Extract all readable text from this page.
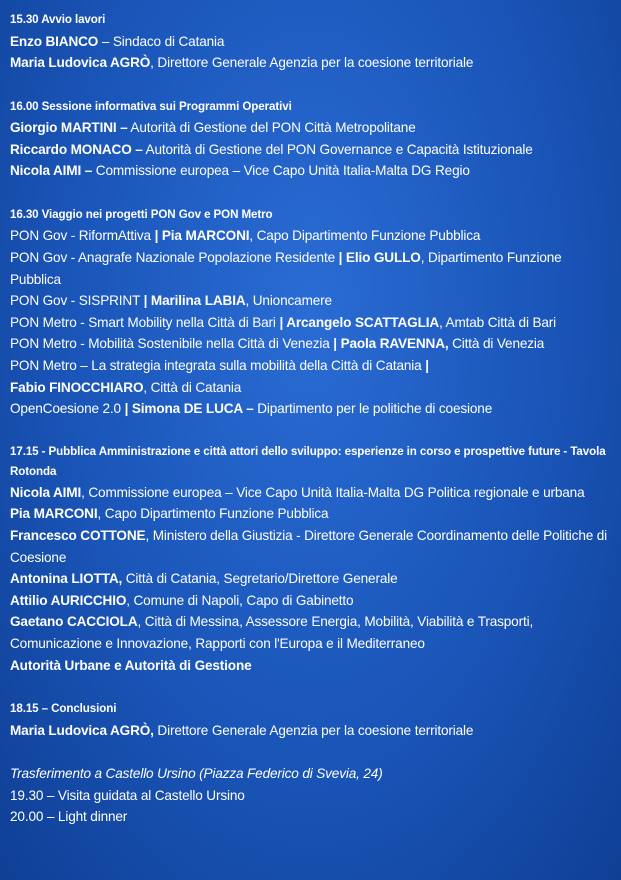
15.30 Avvio lavori
Enzo BIANCO – Sindaco di Catania
Maria Ludovica AGRÒ, Direttore Generale Agenzia per la coesione territoriale
16.00 Sessione informativa sui Programmi Operativi
Giorgio MARTINI – Autorità di Gestione del PON Città Metropolitane
Riccardo MONACO – Autorità di Gestione del PON Governance e Capacità Istituzionale
Nicola AIMI – Commissione europea – Vice Capo Unità Italia-Malta DG Regio
16.30 Viaggio nei progetti PON Gov e PON Metro
PON Gov - RiformAttiva | Pia MARCONI, Capo Dipartimento Funzione Pubblica
PON Gov - Anagrafe Nazionale Popolazione Residente | Elio GULLO, Dipartimento Funzione Pubblica
PON Gov - SISPRINT | Marilina LABIA, Unioncamere
PON Metro - Smart Mobility nella Città di Bari | Arcangelo SCATTAGLIA, Amtab Città di Bari
PON Metro - Mobilità Sostenibile nella Città di Venezia | Paola RAVENNA, Città di Venezia
PON Metro – La strategia integrata sulla mobilità della Città di Catania |
Fabio FINOCCHIARO, Città di Catania
OpenCoesione 2.0 | Simona DE LUCA – Dipartimento per le politiche di coesione
17.15 - Pubblica Amministrazione e città attori dello sviluppo: esperienze in corso e prospettive future - Tavola Rotonda
Nicola AIMI, Commissione europea – Vice Capo Unità Italia-Malta DG Politica regionale e urbana
Pia MARCONI, Capo Dipartimento Funzione Pubblica
Francesco COTTONE, Ministero della Giustizia - Direttore Generale Coordinamento delle Politiche di Coesione
Antonina LIOTTA, Città di Catania, Segretario/Direttore Generale
Attilio AURICCHIO, Comune di Napoli, Capo di Gabinetto
Gaetano CACCIOLA, Città di Messina, Assessore Energia, Mobilità, Viabilità e Trasporti, Comunicazione e Innovazione, Rapporti con l'Europa e il Mediterraneo
Autorità Urbane e Autorità di Gestione
18.15 – Conclusioni
Maria Ludovica AGRÒ, Direttore Generale Agenzia per la coesione territoriale
Trasferimento a Castello Ursino (Piazza Federico di Svevia, 24)
19.30 – Visita guidata al Castello Ursino
20.00 – Light dinner
